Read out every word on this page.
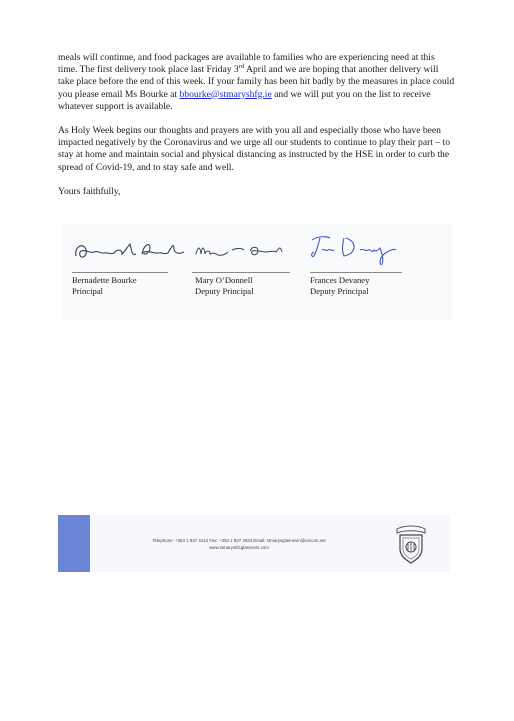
meals will continue, and food packages are available to families who are experiencing need at this time. The first delivery took place last Friday 3rd April and we are hoping that another delivery will take place before the end of this week. If your family has been hit badly by the measures in place could you please email Ms Bourke at bbourke@stmaryshfg.ie and we will put you on the list to receive whatever support is available.

As Holy Week begins our thoughts and prayers are with you all and especially those who have been impacted negatively by the Coronavirus and we urge all our students to continue to play their part – to stay at home and maintain social and physical distancing as instructed by the HSE in order to curb the spread of Covid-19, and to stay safe and well.

Yours faithfully,

Bernadette Bourke
Principal
Mary O’Donnell
Deputy Principal
Frances Devaney
Deputy Principal
Telephone: +353 1 837 4413 Fax: +353 1 837 4034 Email: stmarysglasnevin@eircom.net
www.stmaryshfcglasnevin.com
